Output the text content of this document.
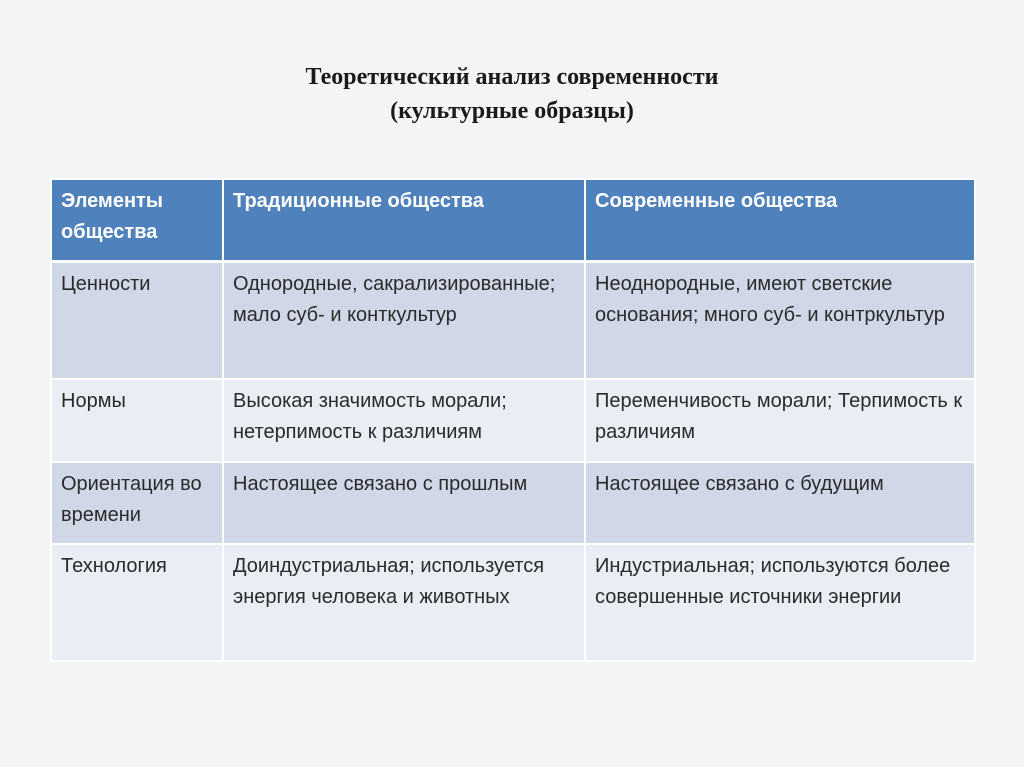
Теоретический анализ современности
(культурные образцы)
Элементы общества	Традиционные общества	Современные общества
Ценности	Однородные, сакрализированные; мало суб- и конткультур	Неоднородные, имеют светские основания; много суб- и контркультур
Нормы	Высокая значимость морали; нетерпимость к различиям	Переменчивость морали; Терпимость к различиям
Ориентация во времени	Настоящее связано с прошлым	Настоящее связано с будущим
Технология	Доиндустриальная; используется энергия человека и животных	Индустриальная; используются более совершенные источники энергии
